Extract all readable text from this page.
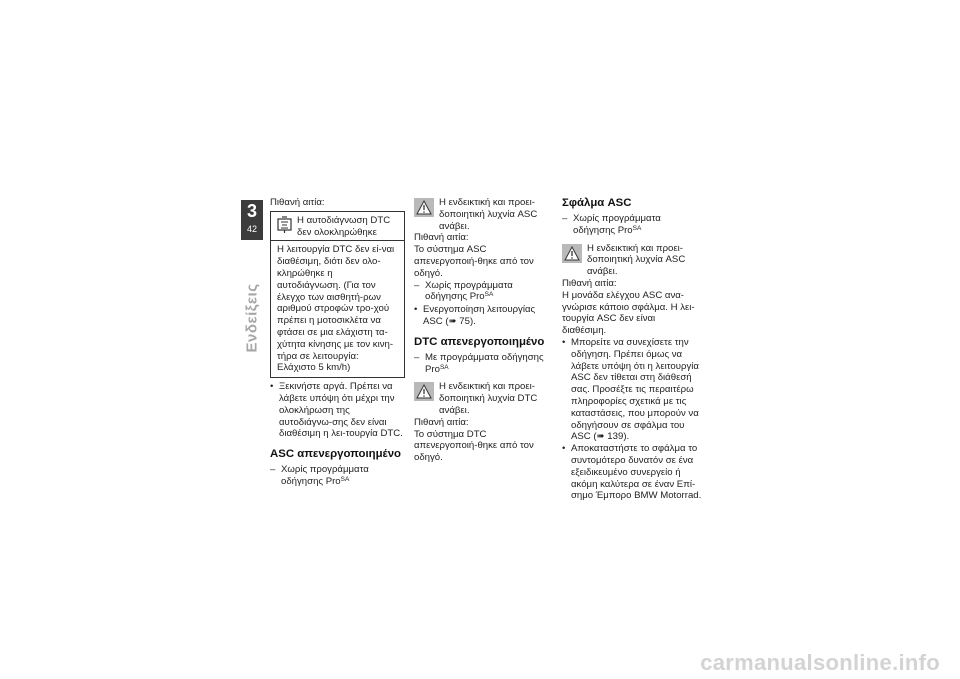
3
42
Ενδείξεις

Πιθανή αιτία:

Η αυτοδιάγνωση DTC δεν ολοκληρώθηκε
Η λειτουργία DTC δεν εί-ναι διαθέσιμη, διότι δεν ολο-κληρώθηκε η αυτοδιάγνωση. (Για τον έλεγχο των αισθητή-ρων αριθμού στροφών τρο-χού πρέπει η μοτοσικλέτα να φτάσει σε μια ελάχιστη τα-χύτητα κίνησης με τον κινη-τήρα σε λειτουργία: Ελάχιστο 5 km/h)
• Ξεκινήστε αργά. Πρέπει να λάβετε υπόψη ότι μέχρι την ολοκλήρωση της αυτοδιάγνω-σης δεν είναι διαθέσιμη η λει-τουργία DTC.
ASC απενεργοποιημένο
– Χωρίς προγράμματα οδήγησης Pro$^{SA}$
Η ενδεικτική και προει-δοποιητική λυχνία ASC ανάβει.

Πιθανή αιτία:

Το σύστημα ASC απενεργοποιή-θηκε από τον οδηγό.

– Χωρίς προγράμματα οδήγησης Pro$^{SA}$
• Ενεργοποίηση λειτουργίας ASC (➠ 75).
DTC απενεργοποιημένο
– Με προγράμματα οδήγησης Pro$^{SA}$
Η ενδεικτική και προει-δοποιητική λυχνία DTC ανάβει.

Πιθανή αιτία:

Το σύστημα DTC απενεργοποιή-θηκε από τον οδηγό.

Σφάλμα ASC
– Χωρίς προγράμματα οδήγησης Pro$^{SA}$
Η ενδεικτική και προει-δοποιητική λυχνία ASC ανάβει.

Πιθανή αιτία:

Η μονάδα ελέγχου ASC ανα-γνώρισε κάποιο σφάλμα. Η λει-τουργία ASC δεν είναι διαθέσιμη.

• Μπορείτε να συνεχίσετε την οδήγηση. Πρέπει όμως να λάβετε υπόψη ότι η λειτουργία ASC δεν τίθεται στη διάθεσή σας. Προσέξτε τις περαιτέρω πληροφορίες σχετικά με τις καταστάσεις, που μπορούν να οδηγήσουν σε σφάλμα του ASC (➠ 139).
• Αποκαταστήστε το σφάλμα το συντομότερο δυνατόν σε ένα εξειδικευμένο συνεργείο ή ακόμη καλύτερα σε έναν Επί-σημο Έμπορο BMW Motorrad.
carmanualsonline.info
